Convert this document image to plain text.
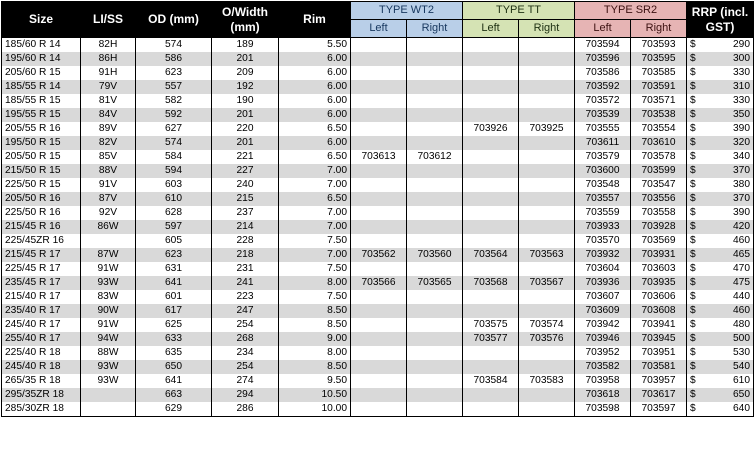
Size	LI/SS	OD (mm)	O/Width
(mm)	Rim	TYPE WT2		TYPE TT		TYPE SR2		RRP (incl.
GST)
					Left	Right	Left	Right	Left	Right	
185/60 R 14	82H	574	189	5.50					703594	703593	$ 290

195/60 R 14	86H	586	201	6.00					703596	703595	$ 300

205/60 R 15	91H	623	209	6.00					703586	703585	$ 330

185/55 R 14	79V	557	192	6.00					703592	703591	$ 310

185/55 R 15	81V	582	190	6.00					703572	703571	$ 330

195/55 R 15	84V	592	201	6.00					703539	703538	$ 350

205/55 R 16	89V	627	220	6.50			703926	703925	703555	703554	$ 390

195/50 R 15	82V	574	201	6.00					703611	703610	$ 320

205/50 R 15	85V	584	221	6.50	703613	703612			703579	703578	$ 340

215/50 R 15	88V	594	227	7.00					703600	703599	$ 370

225/50 R 15	91V	603	240	7.00					703548	703547	$ 380

205/50 R 16	87V	610	215	6.50					703557	703556	$ 370

225/50 R 16	92V	628	237	7.00					703559	703558	$ 390

215/45 R 16	86W	597	214	7.00					703933	703928	$ 420

225/45ZR 16		605	228	7.50					703570	703569	$ 460

215/45 R 17	87W	623	218	7.00	703562	703560	703564	703563	703932	703931	$ 465

225/45 R 17	91W	631	231	7.50					703604	703603	$ 470

235/45 R 17	93W	641	241	8.00	703566	703565	703568	703567	703936	703935	$ 475

215/40 R 17	83W	601	223	7.50					703607	703606	$ 440

235/40 R 17	90W	617	247	8.50					703609	703608	$ 460

245/40 R 17	91W	625	254	8.50			703575	703574	703942	703941	$ 480

255/40 R 17	94W	633	268	9.00			703577	703576	703946	703945	$ 500

225/40 R 18	88W	635	234	8.00					703952	703951	$ 530

245/40 R 18	93W	650	254	8.50					703582	703581	$ 540

265/35 R 18	93W	641	274	9.50			703584	703583	703958	703957	$ 610

295/35ZR 18		663	294	10.50					703618	703617	$ 650

285/30ZR 18		629	286	10.00					703598	703597	$ 640
